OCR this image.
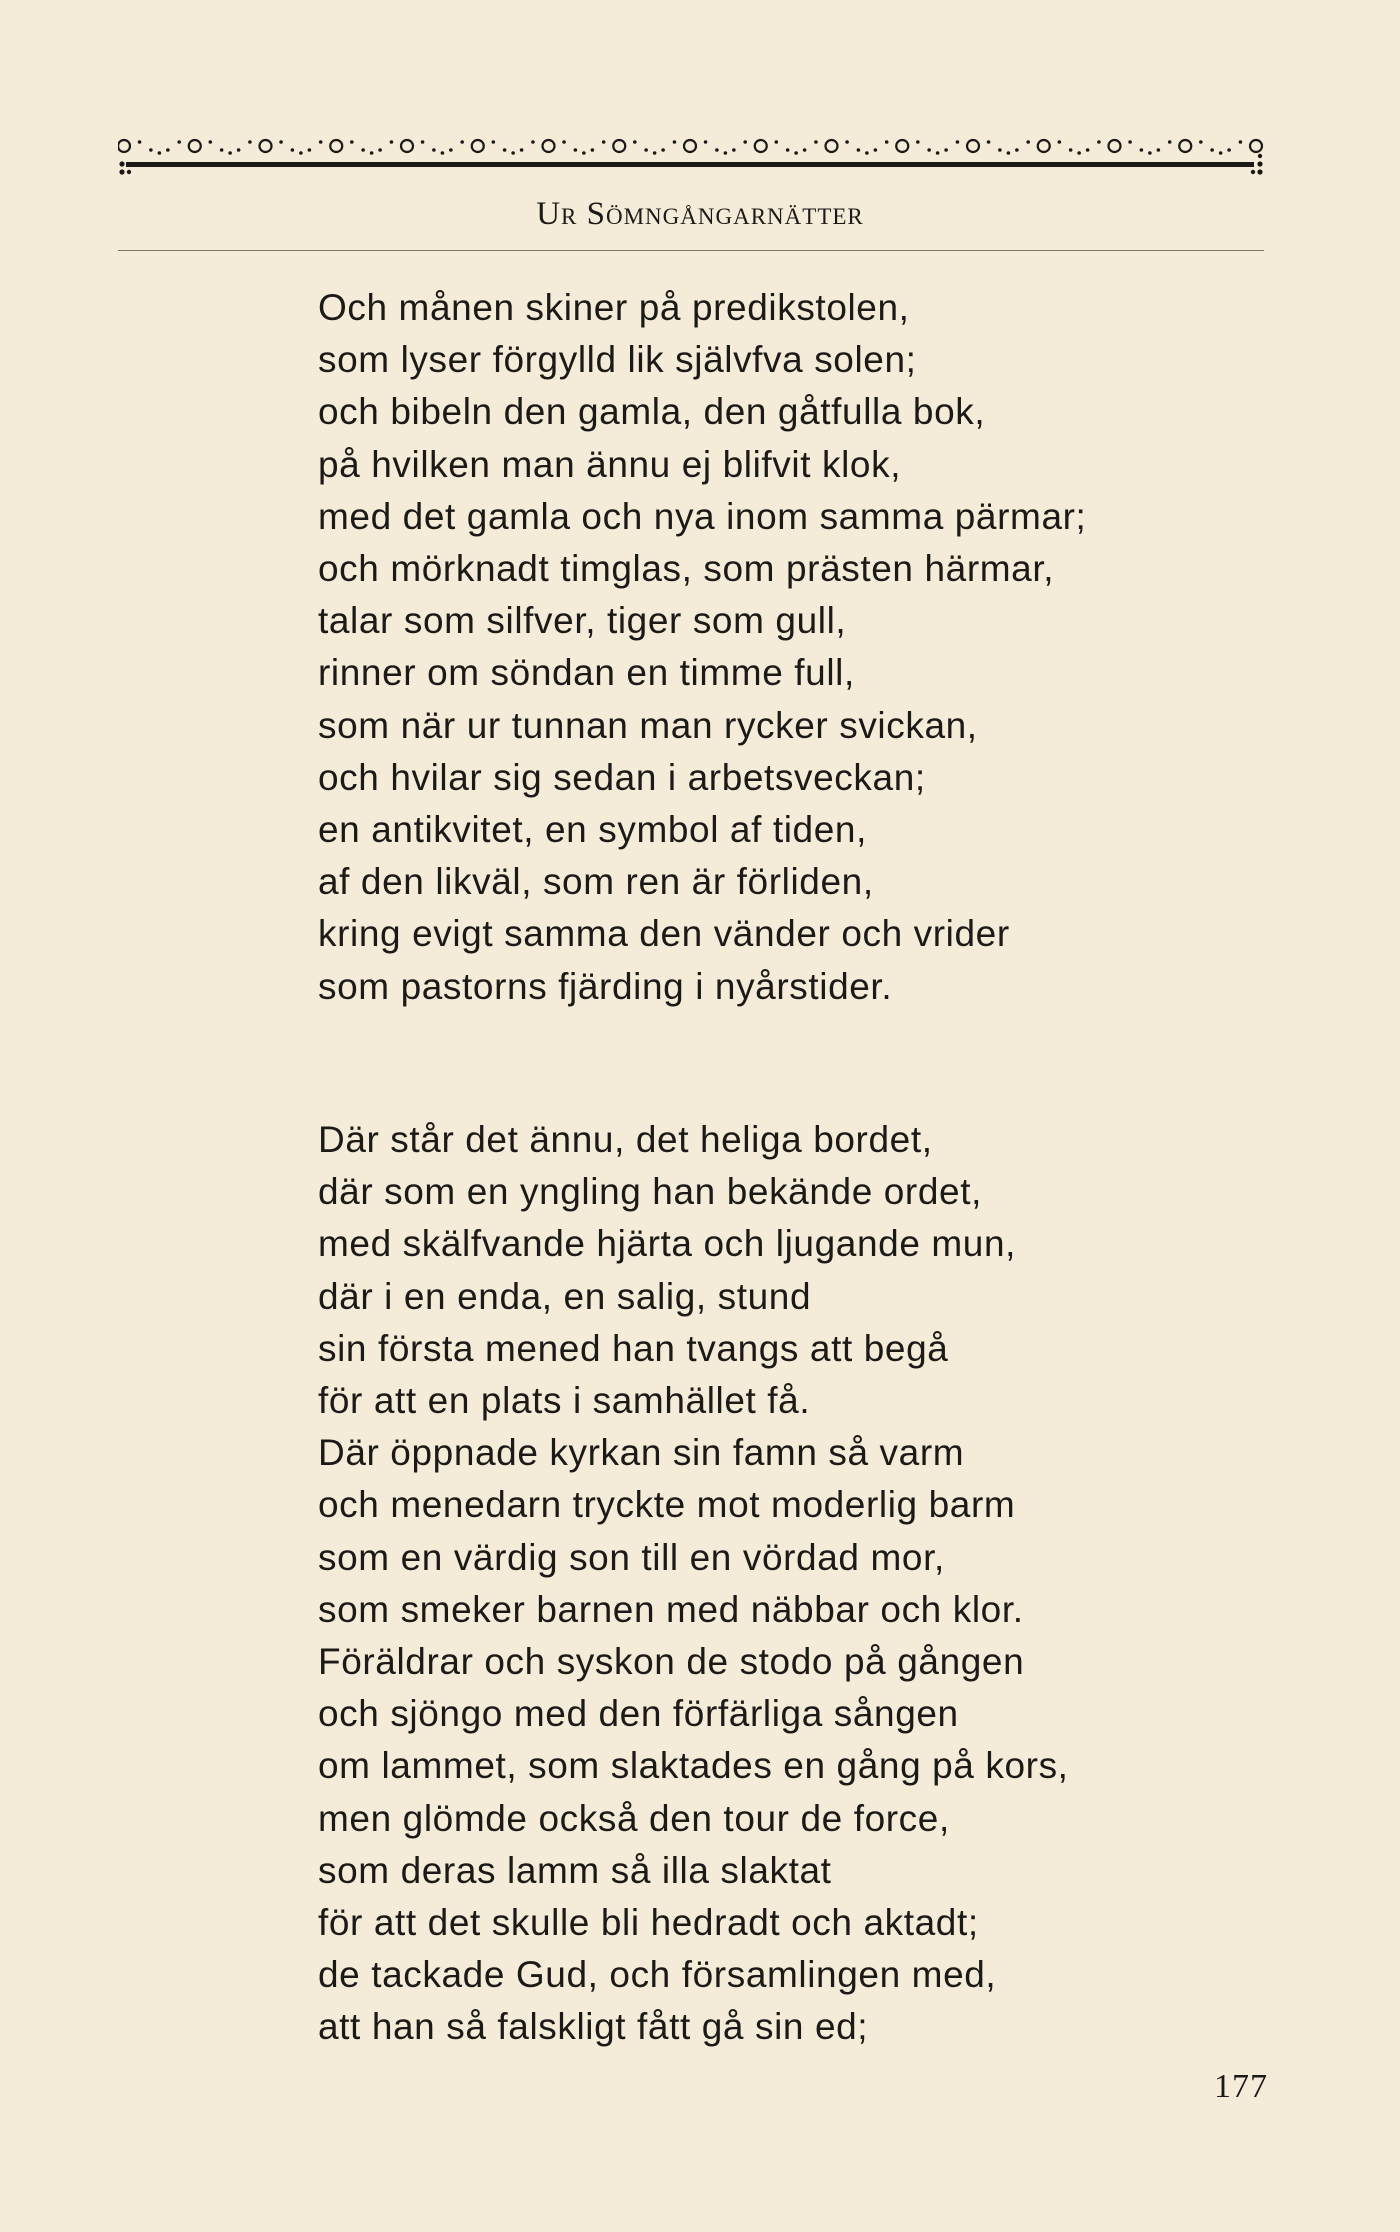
Ur Sömngångarnätter
Och månen skiner på predikstolen,
som lyser förgylld lik självfva solen;
och bibeln den gamla, den gåtfulla bok,
på hvilken man ännu ej blifvit klok,
med det gamla och nya inom samma pärmar;
och mörknadt timglas, som prästen härmar,
talar som silfver, tiger som gull,
rinner om söndan en timme full,
som när ur tunnan man rycker svickan,
och hvilar sig sedan i arbetsveckan;
en antikvitet, en symbol af tiden,
af den likväl, som ren är förliden,
kring evigt samma den vänder och vrider
som pastorns fjärding i nyårstider.
Där står det ännu, det heliga bordet,
där som en yngling han bekände ordet,
med skälfvande hjärta och ljugande mun,
där i en enda, en salig, stund
sin första mened han tvangs att begå
för att en plats i samhället få.
Där öppnade kyrkan sin famn så varm
och menedarn tryckte mot moderlig barm
som en värdig son till en vördad mor,
som smeker barnen med näbbar och klor.
Föräldrar och syskon de stodo på gången
och sjöngo med den förfärliga sången
om lammet, som slaktades en gång på kors,
men glömde också den tour de force,
som deras lamm så illa slaktat
för att det skulle bli hedradt och aktadt;
de tackade Gud, och församlingen med,
att han så falskligt fått gå sin ed;
177
